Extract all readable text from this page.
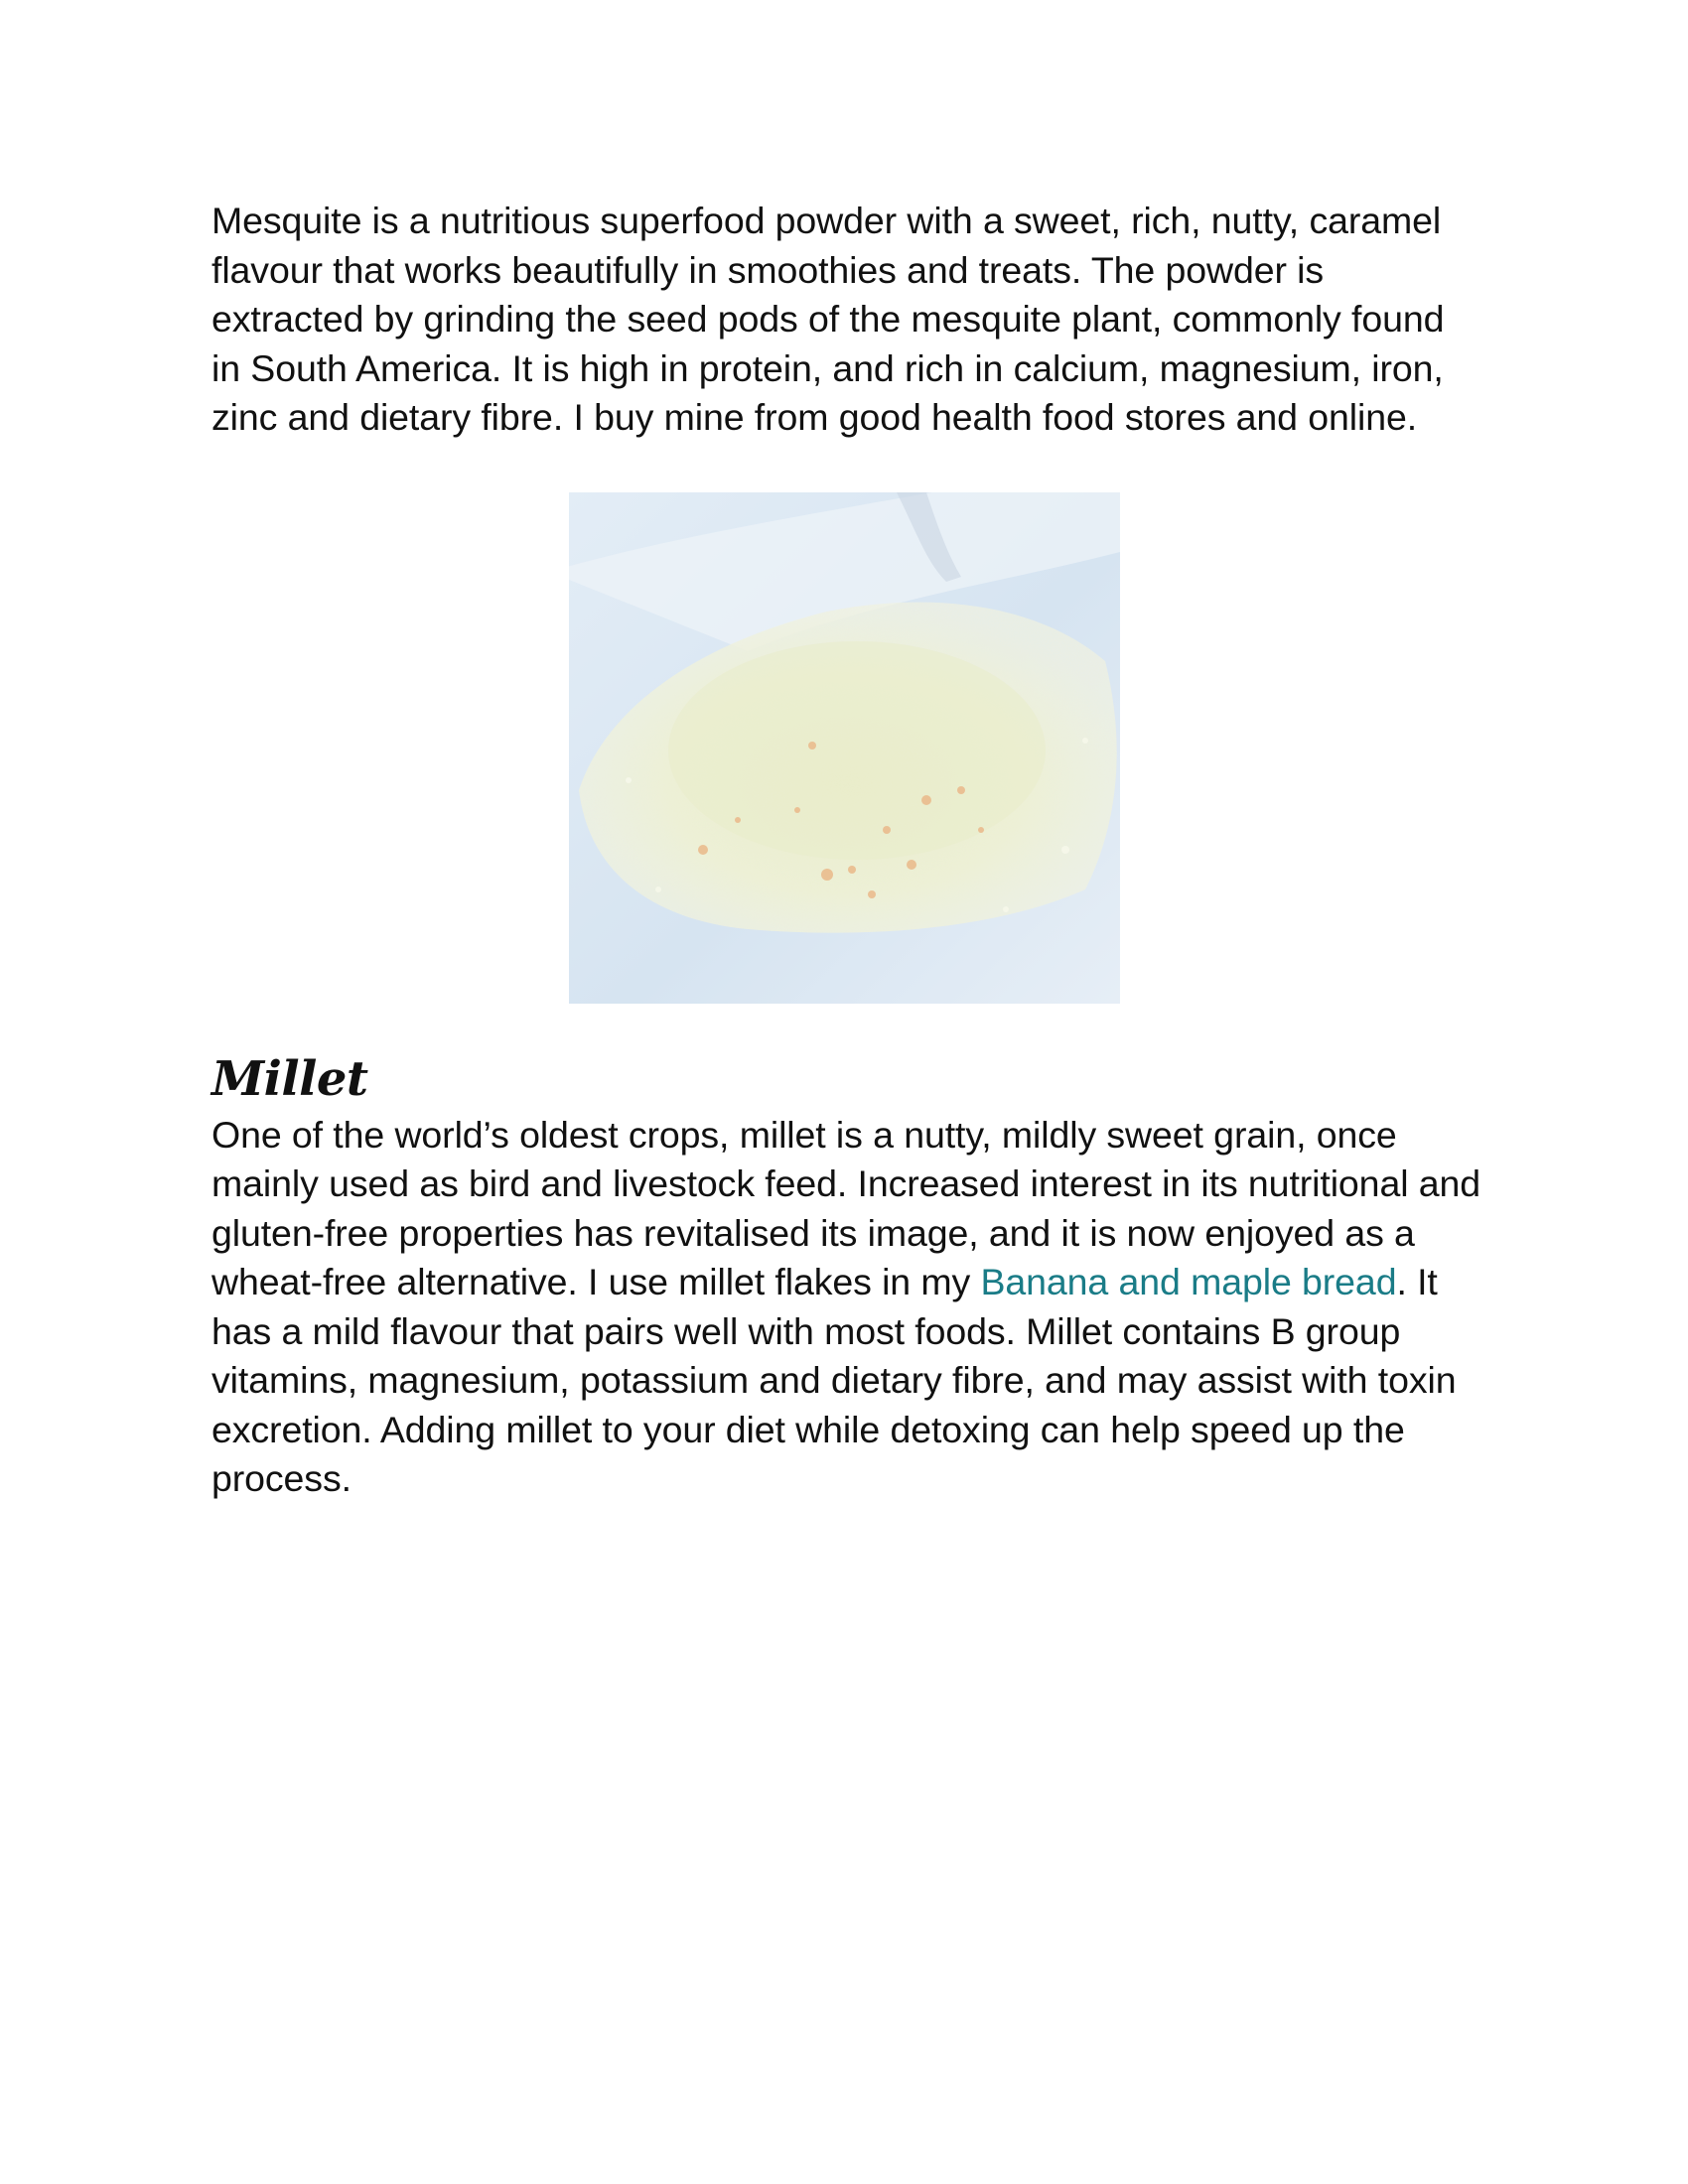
Mesquite is a nutritious superfood powder with a sweet, rich, nutty, caramel flavour that works beautifully in smoothies and treats. The powder is extracted by grinding the seed pods of the mesquite plant, commonly found in South America. It is high in protein, and rich in calcium, magnesium, iron, zinc and dietary fibre. I buy mine from good health food stores and online.

Millet

One of the world’s oldest crops, millet is a nutty, mildly sweet grain, once mainly used as bird and livestock feed. Increased interest in its nutritional and gluten-free properties has revitalised its image, and it is now enjoyed as a wheat-free alternative. I use millet flakes in my Banana and maple bread. It has a mild flavour that pairs well with most foods. Millet contains B group vitamins, magnesium, potassium and dietary fibre, and may assist with toxin excretion. Adding millet to your diet while detoxing can help speed up the process.
